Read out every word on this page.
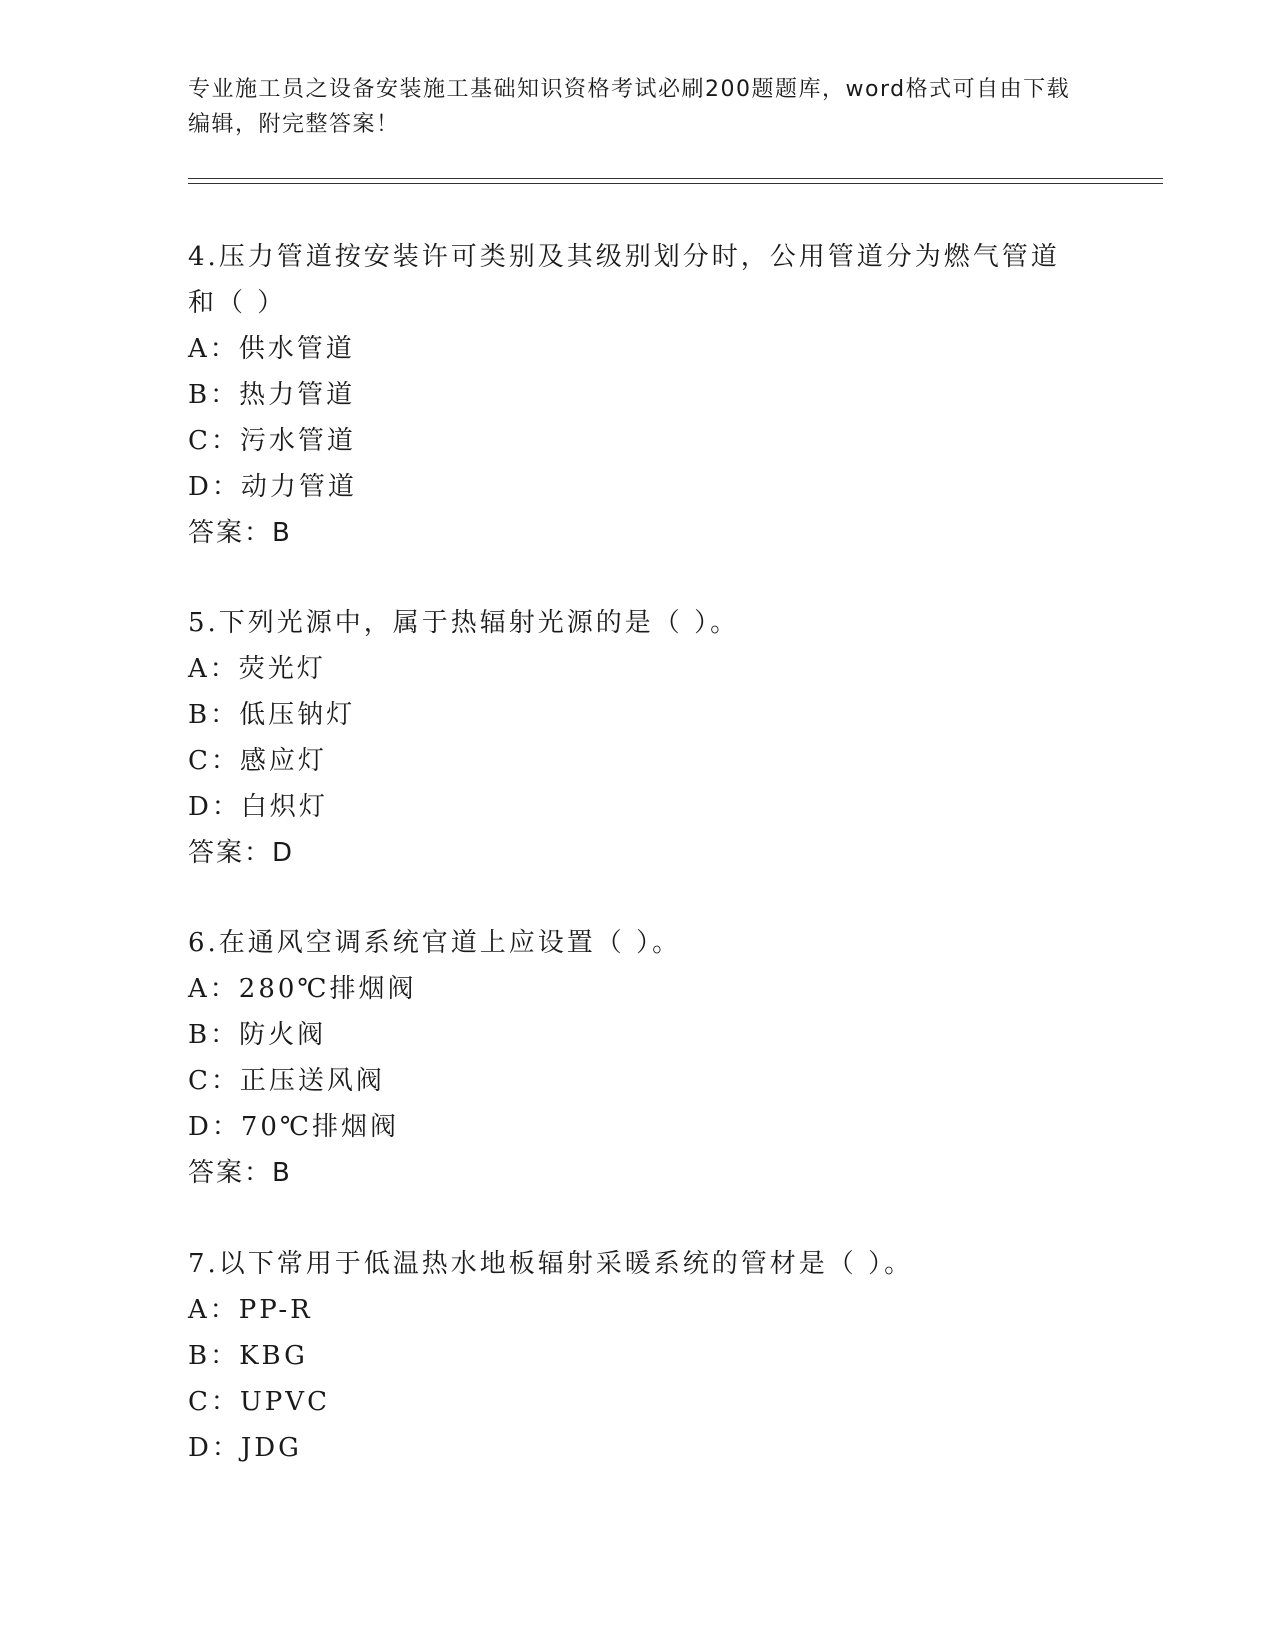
专业施工员之设备安装施工基础知识资格考试必刷200题题库，word格式可自由下载编辑，附完整答案！
4.压力管道按安装许可类别及其级别划分时，公用管道分为燃气管道和（ ）
A：供水管道
B：热力管道
C：污水管道
D：动力管道
答案：B
5.下列光源中，属于热辐射光源的是（ ）。
A：荧光灯
B：低压钠灯
C：感应灯
D：白炽灯
答案：D
6.在通风空调系统官道上应设置（ ）。
A：280℃排烟阀
B：防火阀
C：正压送风阀
D：70℃排烟阀
答案：B
7.以下常用于低温热水地板辐射采暖系统的管材是（ ）。
A：PP-R
B：KBG
C：UPVC
D：JDG
